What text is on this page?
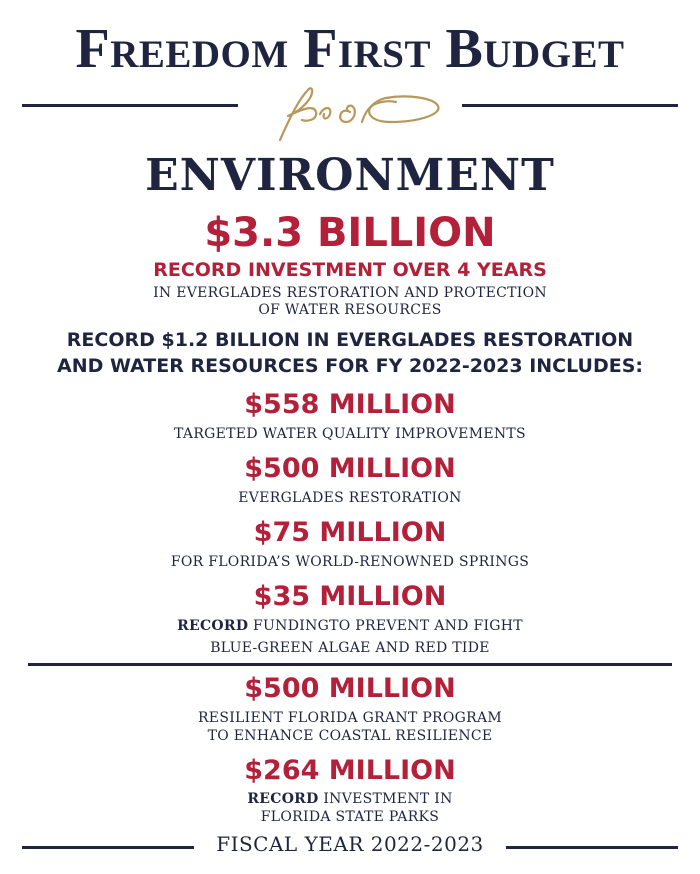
Freedom First Budget
ENVIRONMENT
$3.3 BILLION
RECORD INVESTMENT OVER 4 YEARS
IN EVERGLADES RESTORATION AND PROTECTION
OF WATER RESOURCES
RECORD $1.2 BILLION IN EVERGLADES RESTORATION
AND WATER RESOURCES FOR FY 2022-2023 INCLUDES:
$558 MILLION
TARGETED WATER QUALITY IMPROVEMENTS
$500 MILLION
EVERGLADES RESTORATION
$75 MILLION
FOR FLORIDA’S WORLD-RENOWNED SPRINGS
$35 MILLION
RECORD FUNDINGTO PREVENT AND FIGHT
BLUE-GREEN ALGAE AND RED TIDE
$500 MILLION
RESILIENT FLORIDA GRANT PROGRAM
TO ENHANCE COASTAL RESILIENCE
$264 MILLION
RECORD INVESTMENT IN
FLORIDA STATE PARKS
FISCAL YEAR 2022-2023
